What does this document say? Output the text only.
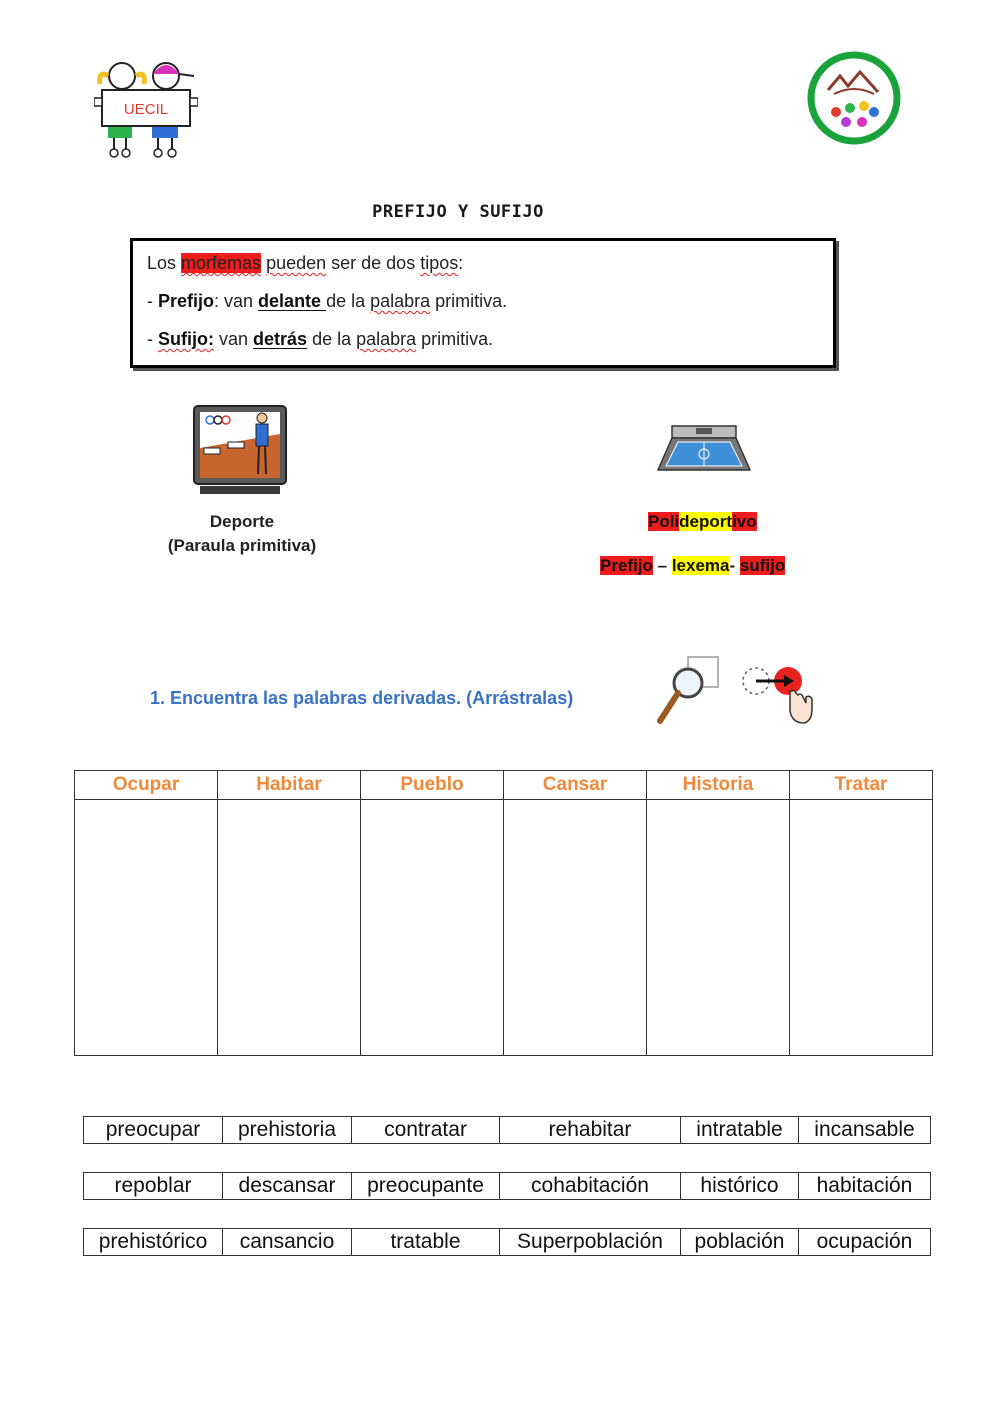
UECIL
PREFIJO Y SUFIJO
Los morfemas pueden ser de dos tipos:
- Prefijo: van delante de la palabra primitiva.
- Sufijo: van detrás de la palabra primitiva.
Deporte
(Paraula primitiva)
Polideportivo
Prefijo – lexema- sufijo
1. Encuentra las palabras derivadas. (Arrástralas)
Ocupar	Habitar	Pueblo	Cansar	Historia	Tratar

preocupar	prehistoria	contratar	rehabitar	intratable	incansable
repoblar	descansar	preocupante	cohabitación	histórico	habitación
prehistórico	cansancio	tratable	Superpoblación	población	ocupación
